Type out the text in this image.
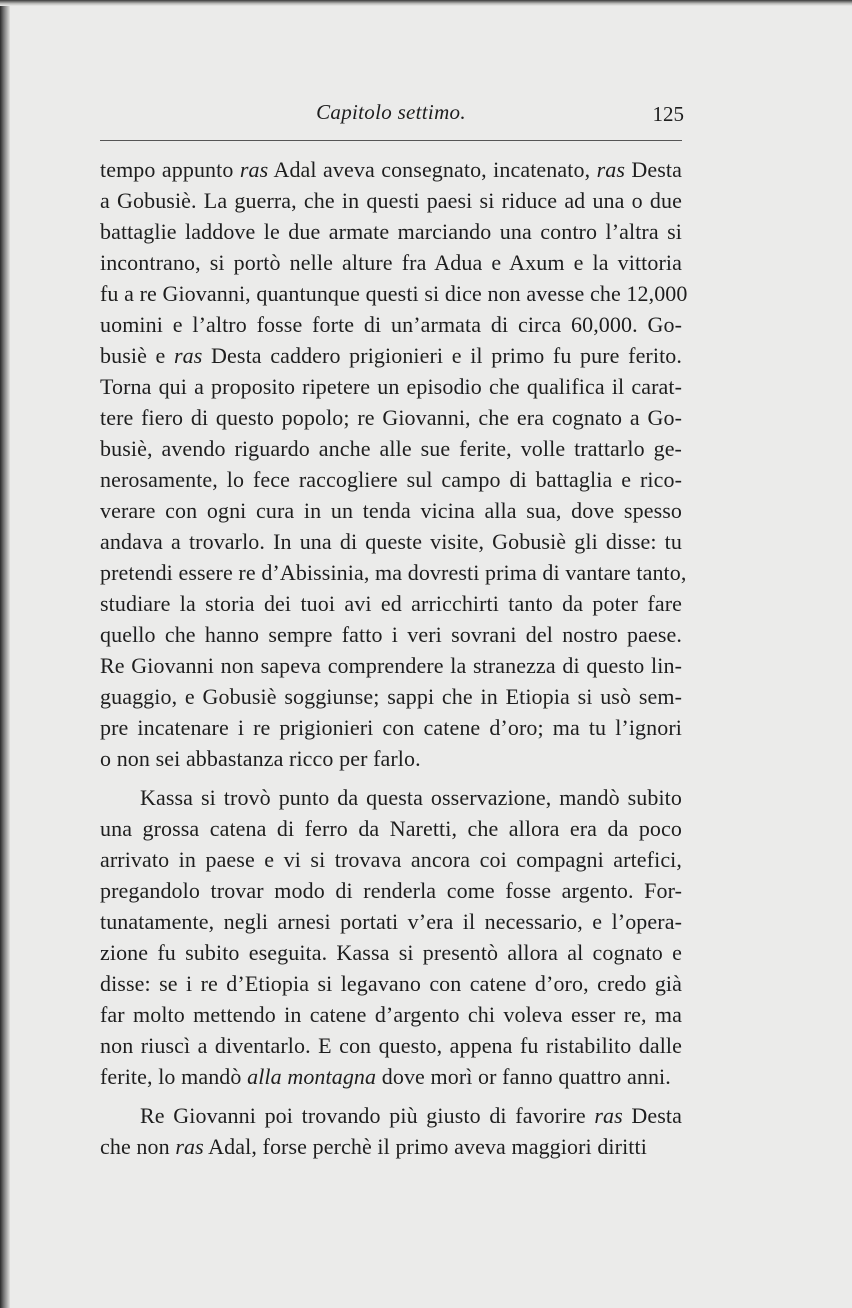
Capitolo settimo.	125
tempo appunto ras Adal aveva consegnato, incatenato, ras Desta
a Gobusiè. La guerra, che in questi paesi si riduce ad una o due
battaglie laddove le due armate marciando una contro l’altra si
incontrano, si portò nelle alture fra Adua e Axum e la vittoria
fu a re Giovanni, quantunque questi si dice non avesse che 12,000
uomini e l’altro fosse forte di un’armata di circa 60,000. Go-
busiè e ras Desta caddero prigionieri e il primo fu pure ferito.
Torna qui a proposito ripetere un episodio che qualifica il carat-
tere fiero di questo popolo; re Giovanni, che era cognato a Go-
busiè, avendo riguardo anche alle sue ferite, volle trattarlo ge-
nerosamente, lo fece raccogliere sul campo di battaglia e rico-
verare con ogni cura in un tenda vicina alla sua, dove spesso
andava a trovarlo. In una di queste visite, Gobusiè gli disse: tu
pretendi essere re d’Abissinia, ma dovresti prima di vantare tanto,
studiare la storia dei tuoi avi ed arricchirti tanto da poter fare
quello che hanno sempre fatto i veri sovrani del nostro paese.
Re Giovanni non sapeva comprendere la stranezza di questo lin-
guaggio, e Gobusiè soggiunse; sappi che in Etiopia si usò sem-
pre incatenare i re prigionieri con catene d’oro; ma tu l’ignori
o non sei abbastanza ricco per farlo.
Kassa si trovò punto da questa osservazione, mandò subito
una grossa catena di ferro da Naretti, che allora era da poco
arrivato in paese e vi si trovava ancora coi compagni artefici,
pregandolo trovar modo di renderla come fosse argento. For-
tunatamente, negli arnesi portati v’era il necessario, e l’opera-
zione fu subito eseguita. Kassa si presentò allora al cognato e
disse: se i re d’Etiopia si legavano con catene d’oro, credo già
far molto mettendo in catene d’argento chi voleva esser re, ma
non riuscì a diventarlo. E con questo, appena fu ristabilito dalle
ferite, lo mandò alla montagna dove morì or fanno quattro anni.
Re Giovanni poi trovando più giusto di favorire ras Desta
che non ras Adal, forse perchè il primo aveva maggiori diritti
